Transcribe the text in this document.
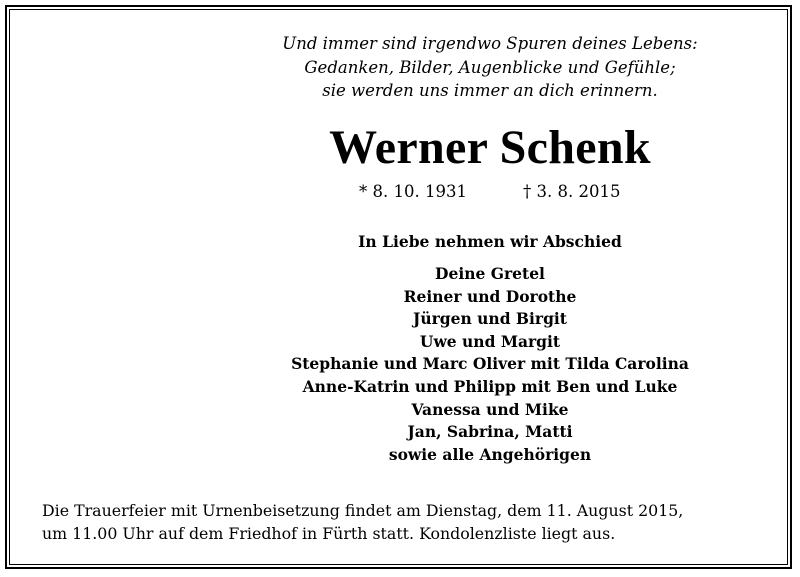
Und immer sind irgendwo Spuren deines Lebens:
Gedanken, Bilder, Augenblicke und Gefühle;
sie werden uns immer an dich erinnern.
Werner Schenk
* 8. 10. 1931	† 3. 8. 2015
In Liebe nehmen wir Abschied
Deine Gretel
Reiner und Dorothe
Jürgen und Birgit
Uwe und Margit
Stephanie und Marc Oliver mit Tilda Carolina
Anne-Katrin und Philipp mit Ben und Luke
Vanessa und Mike
Jan, Sabrina, Matti
sowie alle Angehörigen
Die Trauerfeier mit Urnenbeisetzung findet am Dienstag, dem 11. August 2015,
um 11.00 Uhr auf dem Friedhof in Fürth statt. Kondolenzliste liegt aus.
